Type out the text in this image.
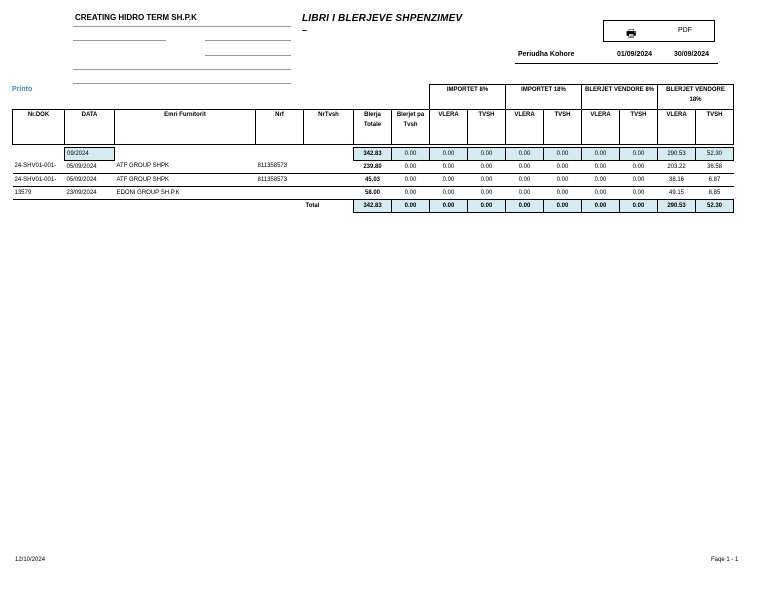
CREATING HIDRO TERM SH.P.K	LIBRI I BLERJEVE SHPENZIMEV
–	🖶	PDF
Periudha Kohore	01/09/2024	30/09/2024
Printo
							IMPORTET 8%		IMPORTET 18%		BLERJET VENDORE 8%		BLERJET VENDORE 18%	
Nr.DOK	DATA	Emri Furnitorit	Nrf	NrTvsh	Blerja Totale	Blerjet pa Tvsh	VLERA	TVSH	VLERA	TVSH	VLERA	TVSH	VLERA	TVSH

	09/2024				342.83	0.00	0.00	0.00	0.00	0.00	0.00	0.00	290.53	52.30
24-SHV01-001-	05/09/2024	ATF GROUP SHPK	811358573		239.80	0.00	0.00	0.00	0.00	0.00	0.00	0.00	203.22	36.58
24-SHV01-001-	05/09/2024	ATF GROUP SHPK	811358573		45.03	0.00	0.00	0.00	0.00	0.00	0.00	0.00	38.16	6.87
13579	23/09/2024	EDONI GROUP SH.P.K			58.00	0.00	0.00	0.00	0.00	0.00	0.00	0.00	49.15	8.85
				Total	342.83	0.00	0.00	0.00	0.00	0.00	0.00	0.00	290.53	52.30
12/10/2024	Faqe 1 - 1
